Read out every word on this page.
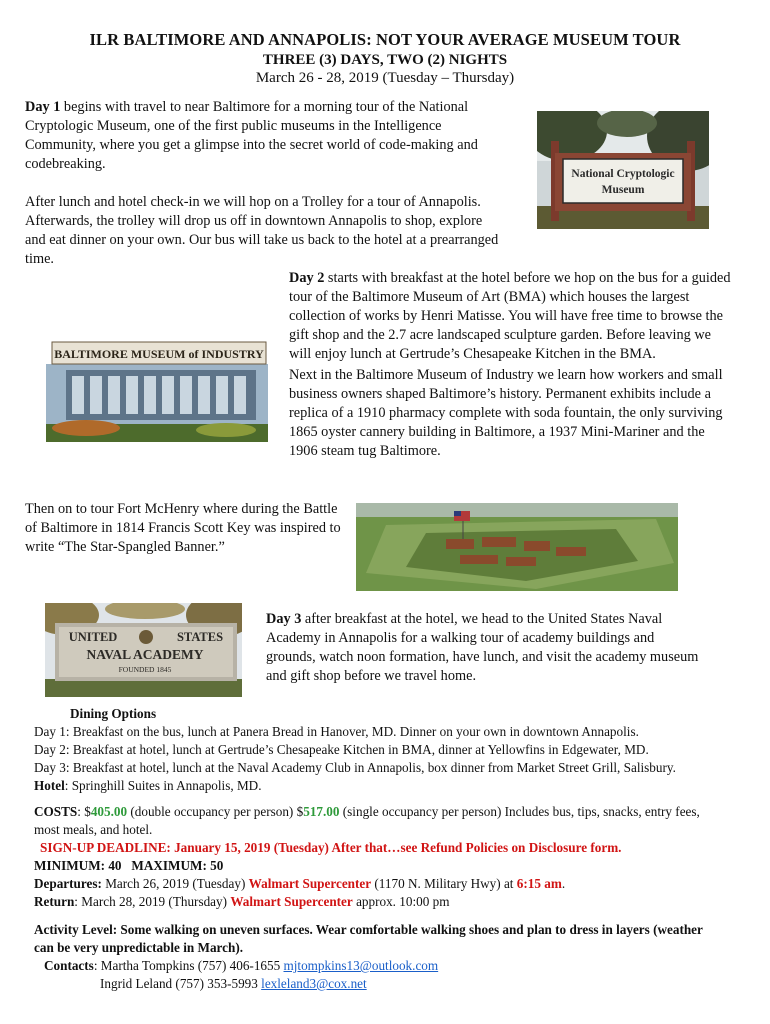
ILR BALTIMORE AND ANNAPOLIS: NOT YOUR AVERAGE MUSEUM TOUR
THREE (3) DAYS, TWO (2) NIGHTS
March 26 - 28, 2019 (Tuesday – Thursday)
Day 1 begins with travel to near Baltimore for a morning tour of the National Cryptologic Museum, one of the first public museums in the Intelligence Community, where you get a glimpse into the secret world of code-making and codebreaking.
After lunch and hotel check-in we will hop on a Trolley for a tour of Annapolis. Afterwards, the trolley will drop us off in downtown Annapolis to shop, explore and eat dinner on your own. Our bus will take us back to the hotel at a prearranged time.
National Cryptologic
Museum
Day 2 starts with breakfast at the hotel before we hop on the bus for a guided tour of the Baltimore Museum of Art (BMA) which houses the largest collection of works by Henri Matisse. You will have free time to browse the gift shop and the 2.7 acre landscaped sculpture garden. Before leaving we will enjoy lunch at Gertrude’s Chesapeake Kitchen in the BMA.
Next in the Baltimore Museum of Industry we learn how workers and small business owners shaped Baltimore’s history. Permanent exhibits include a replica of a 1910 pharmacy complete with soda fountain, the only surviving 1865 oyster cannery building in Baltimore, a 1937 Mini-Mariner and the 1906 steam tug Baltimore.
BALTIMORE MUSEUM of INDUSTRY
Then on to tour Fort McHenry where during the Battle of Baltimore in 1814 Francis Scott Key was inspired to write “The Star-Spangled Banner.”
UNITED	STATES
NAVAL ACADEMY
FOUNDED 1845
Day 3 after breakfast at the hotel, we head to the United States Naval Academy in Annapolis for a walking tour of academy buildings and grounds, watch noon formation, have lunch, and visit the academy museum and gift shop before we travel home.
Dining Options
Day 1: Breakfast on the bus, lunch at Panera Bread in Hanover, MD. Dinner on your own in downtown Annapolis.
Day 2: Breakfast at hotel, lunch at Gertrude’s Chesapeake Kitchen in BMA, dinner at Yellowfins in Edgewater, MD.
Day 3: Breakfast at hotel, lunch at the Naval Academy Club in Annapolis, box dinner from Market Street Grill, Salisbury.
Hotel: Springhill Suites in Annapolis, MD.
COSTS: $405.00 (double occupancy per person) $517.00 (single occupancy per person) Includes bus, tips, snacks, entry fees, most meals, and hotel.
SIGN-UP DEADLINE: January 15, 2019 (Tuesday) After that…see Refund Policies on Disclosure form.
MINIMUM: 40   MAXIMUM: 50
Departures: March 26, 2019 (Tuesday) Walmart Supercenter (1170 N. Military Hwy) at 6:15 am.
Return: March 28, 2019 (Thursday) Walmart Supercenter approx. 10:00 pm
Activity Level: Some walking on uneven surfaces. Wear comfortable walking shoes and plan to dress in layers (weather can be very unpredictable in March).
Contacts: Martha Tompkins (757) 406-1655 mjtompkins13@outlook.com
Ingrid Leland (757) 353-5993 lexleland3@cox.net
